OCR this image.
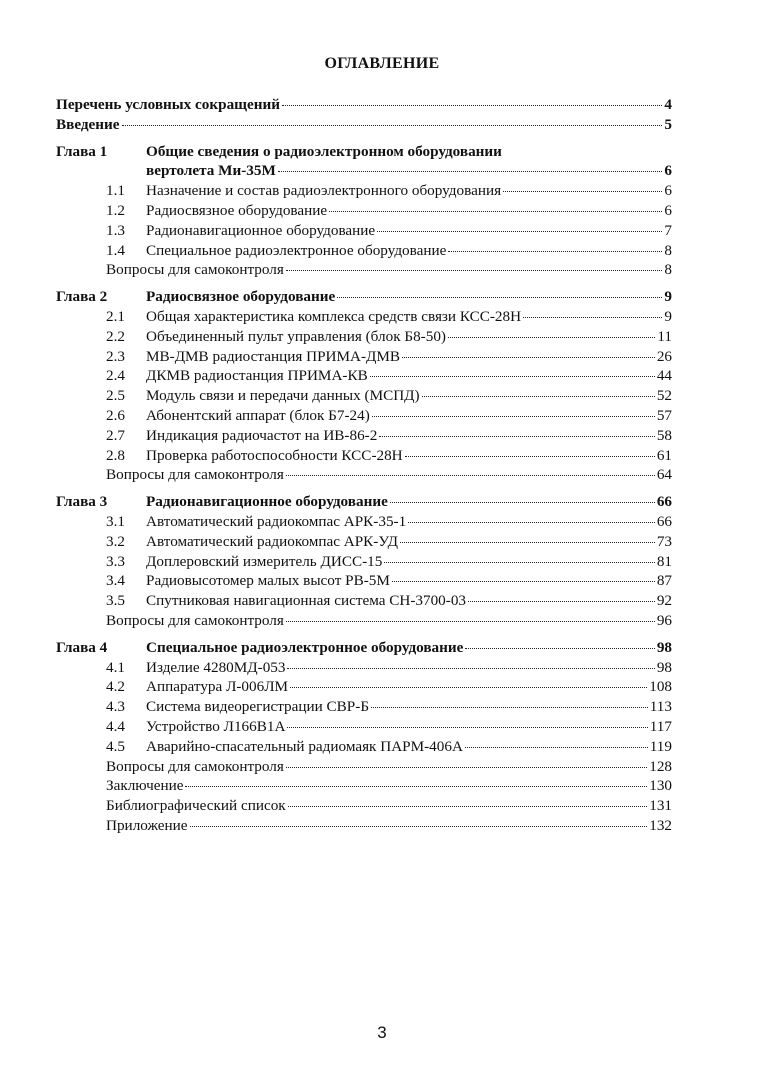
ОГЛАВЛЕНИЕ
Перечень условных сокращений	4
Введение	5
Глава 1	Общие сведения о радиоэлектронном оборудовании
вертолета Ми-35М	6
1.1	Назначение и состав радиоэлектронного оборудования	6
1.2	Радиосвязное оборудование	6
1.3	Радионавигационное оборудование	7
1.4	Специальное радиоэлектронное оборудование	8
Вопросы для самоконтроля	8
Глава 2	Радиосвязное оборудование	9
2.1	Общая характеристика комплекса средств связи КСС-28Н	9
2.2	Объединенный пульт управления (блок Б8-50)	11
2.3	МВ-ДМВ радиостанция ПРИМА-ДМВ	26
2.4	ДКМВ радиостанция ПРИМА-КВ	44
2.5	Модуль связи и передачи данных (МСПД)	52
2.6	Абонентский аппарат (блок Б7-24)	57
2.7	Индикация радиочастот на ИВ-86-2	58
2.8	Проверка работоспособности КСС-28Н	61
Вопросы для самоконтроля	64
Глава 3	Радионавигационное оборудование	66
3.1	Автоматический радиокомпас АРК-35-1	66
3.2	Автоматический радиокомпас АРК-УД	73
3.3	Доплеровский измеритель ДИСС-15	81
3.4	Радиовысотомер малых высот РВ-5М	87
3.5	Спутниковая навигационная система СН-3700-03	92
Вопросы для самоконтроля	96
Глава 4	Специальное радиоэлектронное оборудование	98
4.1	Изделие 4280МД-053	98
4.2	Аппаратура Л-006ЛМ	108
4.3	Система видеорегистрации СВР-Б	113
4.4	Устройство Л166В1А	117
4.5	Аварийно-спасательный радиомаяк ПАРМ-406А	119
Вопросы для самоконтроля	128
Заключение	130
Библиографический список	131
Приложение	132
3
